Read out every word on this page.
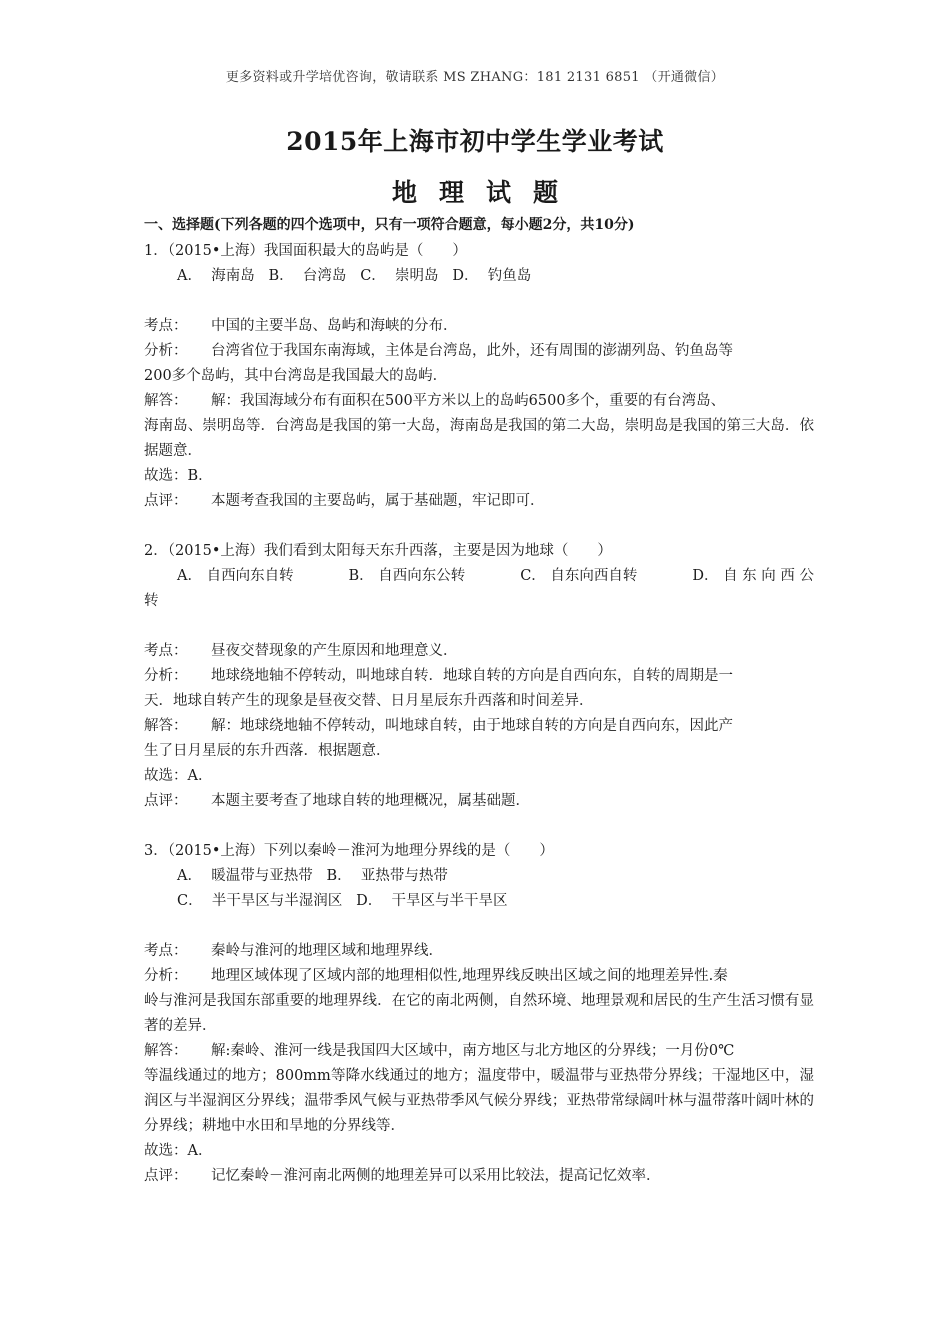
更多资料或升学培优咨询，敬请联系 MS ZHANG：181 2131 6851 （开通微信）
2015年上海市初中学生学业考试
地理试题
一、选择题(下列各题的四个选项中，只有一项符合题意，每小题2分，共10分)
1．（2015•上海）我国面积最大的岛屿是（　　）
A．  海南岛   B．  台湾岛   C．  崇明岛   D．  钓鱼岛
考点：	中国的主要半岛、岛屿和海峡的分布．
分析：	台湾省位于我国东南海域，主体是台湾岛，此外，还有周围的澎湖列岛、钓鱼岛等
200多个岛屿，其中台湾岛是我国最大的岛屿．
解答：	解：我国海域分布有面积在500平方米以上的岛屿6500多个，重要的有台湾岛、
海南岛、崇明岛等．台湾岛是我国的第一大岛，海南岛是我国的第二大岛，崇明岛是我国的第三大岛．依据题意．
故选：B．
点评：	本题考查我国的主要岛屿，属于基础题，牢记即可．
2．（2015•上海）我们看到太阳每天东升西落，主要是因为地球（　　）
A． 自西向东自转	B． 自西向东公转	C． 自东向西自转	D． 自 东 向 西 公
转
考点：	昼夜交替现象的产生原因和地理意义．
分析：	地球绕地轴不停转动，叫地球自转．地球自转的方向是自西向东，自转的周期是一
天．地球自转产生的现象是昼夜交替、日月星辰东升西落和时间差异．
解答：	解：地球绕地轴不停转动，叫地球自转，由于地球自转的方向是自西向东，因此产
生了日月星辰的东升西落．根据题意．
故选：A．
点评：	本题主要考查了地球自转的地理概况，属基础题．
3．（2015•上海）下列以秦岭－淮河为地理分界线的是（　　）
A．  暖温带与亚热带   B．  亚热带与热带
C．  半干旱区与半湿润区   D．  干旱区与半干旱区
考点：	秦岭与淮河的地理区域和地理界线．
分析：	地理区域体现了区域内部的地理相似性,地理界线反映出区域之间的地理差异性.秦
岭与淮河是我国东部重要的地理界线．在它的南北两侧，自然环境、地理景观和居民的生产生活习惯有显著的差异．
解答：	解:秦岭、淮河一线是我国四大区域中，南方地区与北方地区的分界线；一月份0℃
等温线通过的地方；800mm等降水线通过的地方；温度带中，暖温带与亚热带分界线；干湿地区中，湿润区与半湿润区分界线；温带季风气候与亚热带季风气候分界线；亚热带常绿阔叶林与温带落叶阔叶林的分界线；耕地中水田和旱地的分界线等．
故选：A．
点评：	记忆秦岭－淮河南北两侧的地理差异可以采用比较法，提高记忆效率．
